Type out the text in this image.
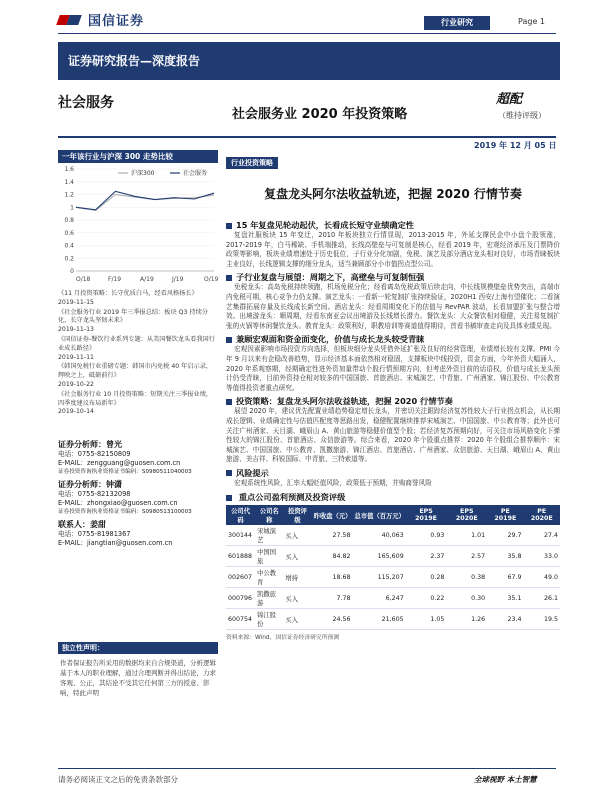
国信证券	行业研究	Page 1
证券研究报告—深度报告
社会服务
社会服务业 2020 年投资策略
超配
（维持评级）
2019 年 12 月 05 日
一年该行业与沪深 300 走势比较
1.6
1.4
1.2
1
0.8
0.6
0.4
0.2
0
O/18	F/19	A/19	J/19	O/19
沪深300	社会服务
《11 月投资策略：长守优质白马，经看风格扬长》
2019-11-15
《社会服务行业 2019 年三季报总结：板块 Q3 持续分化，长守龙头坚韧未来》
2019-11-13
《国信证券-餐饮行业系列专题：从美国餐饮龙头看我国行业成长路径》
2019-11-11
《韩国免税行业重磅专题：韩国市内免税 40 年启示录，辉映之上，砥砺前行》
2019-10-22
《社会服务行业 10 月投资策略：短期关注三季报业绩，四季度建议布局新年》
2019-10-14
证券分析师：曾光
电话：0755-82150809
E-MAIL：zengguang@guosen.com.cn
证券投资咨询执业资格证书编码：S0980511040003
证券分析师：钟潇
电话：0755-82132098
E-MAIL：zhongxiao@guosen.com.cn
证券投资咨询执业资格证书编码：S0980513100003
联系人：姜甜
电话：0755-81981367
E-MAIL：jiangtian@guosen.com.cn
独立性声明：
作者保证报告所采用的数据均来自合规渠道，分析逻辑基于本人的职业理解，通过合理判断并得出结论，力求客观、公正，其结论不受其它任何第三方的授意、影响，特此声明
行业投资策略
复盘龙头阿尔法收益轨迹，把握 2020 行情节奏
15 年复盘见轮动起伏，长看成长短守业绩确定性
复盘社服板块 15 年变迁，2010 年板块独立行情显现，2013-2015 年，外延支撑民企中小盘个股领涨，2017-2019 年，白马稀缺、手机端推动，长线高壁垒与可复制是核心，经看 2019 年，宏观经济承压及门票降价政策等影响，板块业绩增速处于历史低位，子行业分化加剧，免税、演艺及部分酒店龙头相对良好，市场青睐板块主业良好，长线逻辑支撑的细分龙头，适当兼顾部分小市值拐点型公司。
子行业复盘与展望：周期之下，高壁垒与可复制恒强
免税龙头：高岛免税持续领跑，机场免税分化；经看离岛免税政策后续走向，中长线规模壁垒优势突出，高端市内免税可期，核心竞争力仍支撑。演艺龙头：一看新一轮复制扩张持续验证，2020H1 西安/上海有望催化；二看演艺集群拓展存量及长线成长新空间。酒店龙头：经看周期变化下的估值与 RevPAR 波动，长看加盟扩张与整合增效。出境游龙头：顺周期，经看东南亚会议出境游及长线增长潜力。餐饮龙头：大众餐饮相对稳健，关注易复制扩张的火锅等休闲餐饮龙头。教育龙头：政策利好，职教培训等赛道值得期待，首看书稿审查走向及具体业绩兑现。
兼顾宏观面和资金面变化，价值与成长龙头较受青睐
宏观因素影响市场投资方向选择，但板块细分龙头凭借外延扩张及良好的经营管理，业绩增长较有支撑。PMI 今年 9 月以来有企稳改善趋势，显示经济基本面依然相对稳固，支撑板块中线投资，资金方面，今年外资大幅涌入，2020 年系观察期，经期确定性进外资加量带动个股行情预期方向，但考虑外资目前的话语权，价值与成长龙头预计仍受青睐，目前外资持仓相对较多的中国国旅、首旅酒店、宋城演艺、中青旅、广州酒家、锦江股份、中公教育等值得投资者重点研究。
投资策略：复盘龙头阿尔法收益轨迹，把握 2020 行情节奏
展望 2020 年，建议优先配置业绩趋势稳定增长龙头，并密切关注跟踪经济复苏性较大子行业拐点机会，从长期成长逻辑、业绩确定性与估值匹配度等思路出发，稳健配置继续推荐宋城演艺、中国国旅、中公教育等；此外也可关注广州酒家、天目湖、峨眉山 A、黄山旅游等稳健价值型个股；若经济复苏预期向好，可关注市场风格变化下弹性较大的锦江股份、首旅酒店、众信旅游等。综合来看，2020 年个股重点推荐：2020 年个股组合推荐顺序：宋城演艺、中国国旅、中公教育、凯撒旅游、锦江酒店、首旅酒店、广州酒家、众信旅游、天目湖、峨眉山 A、黄山旅游、美吉祥、科锐国际、中青旅、三特索道等。
风险提示
宏观系统性风险，汇率大幅贬值风险，政策低于预期，并购商誉风险
重点公司盈利预测及投资评级
公司代码	公司名称	投资评级	昨收盘（元）	总市值（百万元）	EPS 2019E	EPS 2020E	PE 2019E	PE 2020E
300144	宋城演艺	买入	27.58	40,063	0.93	1.01	29.7	27.4
601888	中国国旅	买入	84.82	165,609	2.37	2.57	35.8	33.0
002607	中公教育	增持	18.68	115,207	0.28	0.38	67.9	49.0
000796	凯撒旅游	买入	7.78	6,247	0.22	0.30	35.1	26.1
600754	锦江股份	买入	24.56	21,605	1.05	1.26	23.4	19.5
资料来源：Wind、国信证券经济研究所预测
请务必阅读正文之后的免责条款部分	全球视野 本土智慧
